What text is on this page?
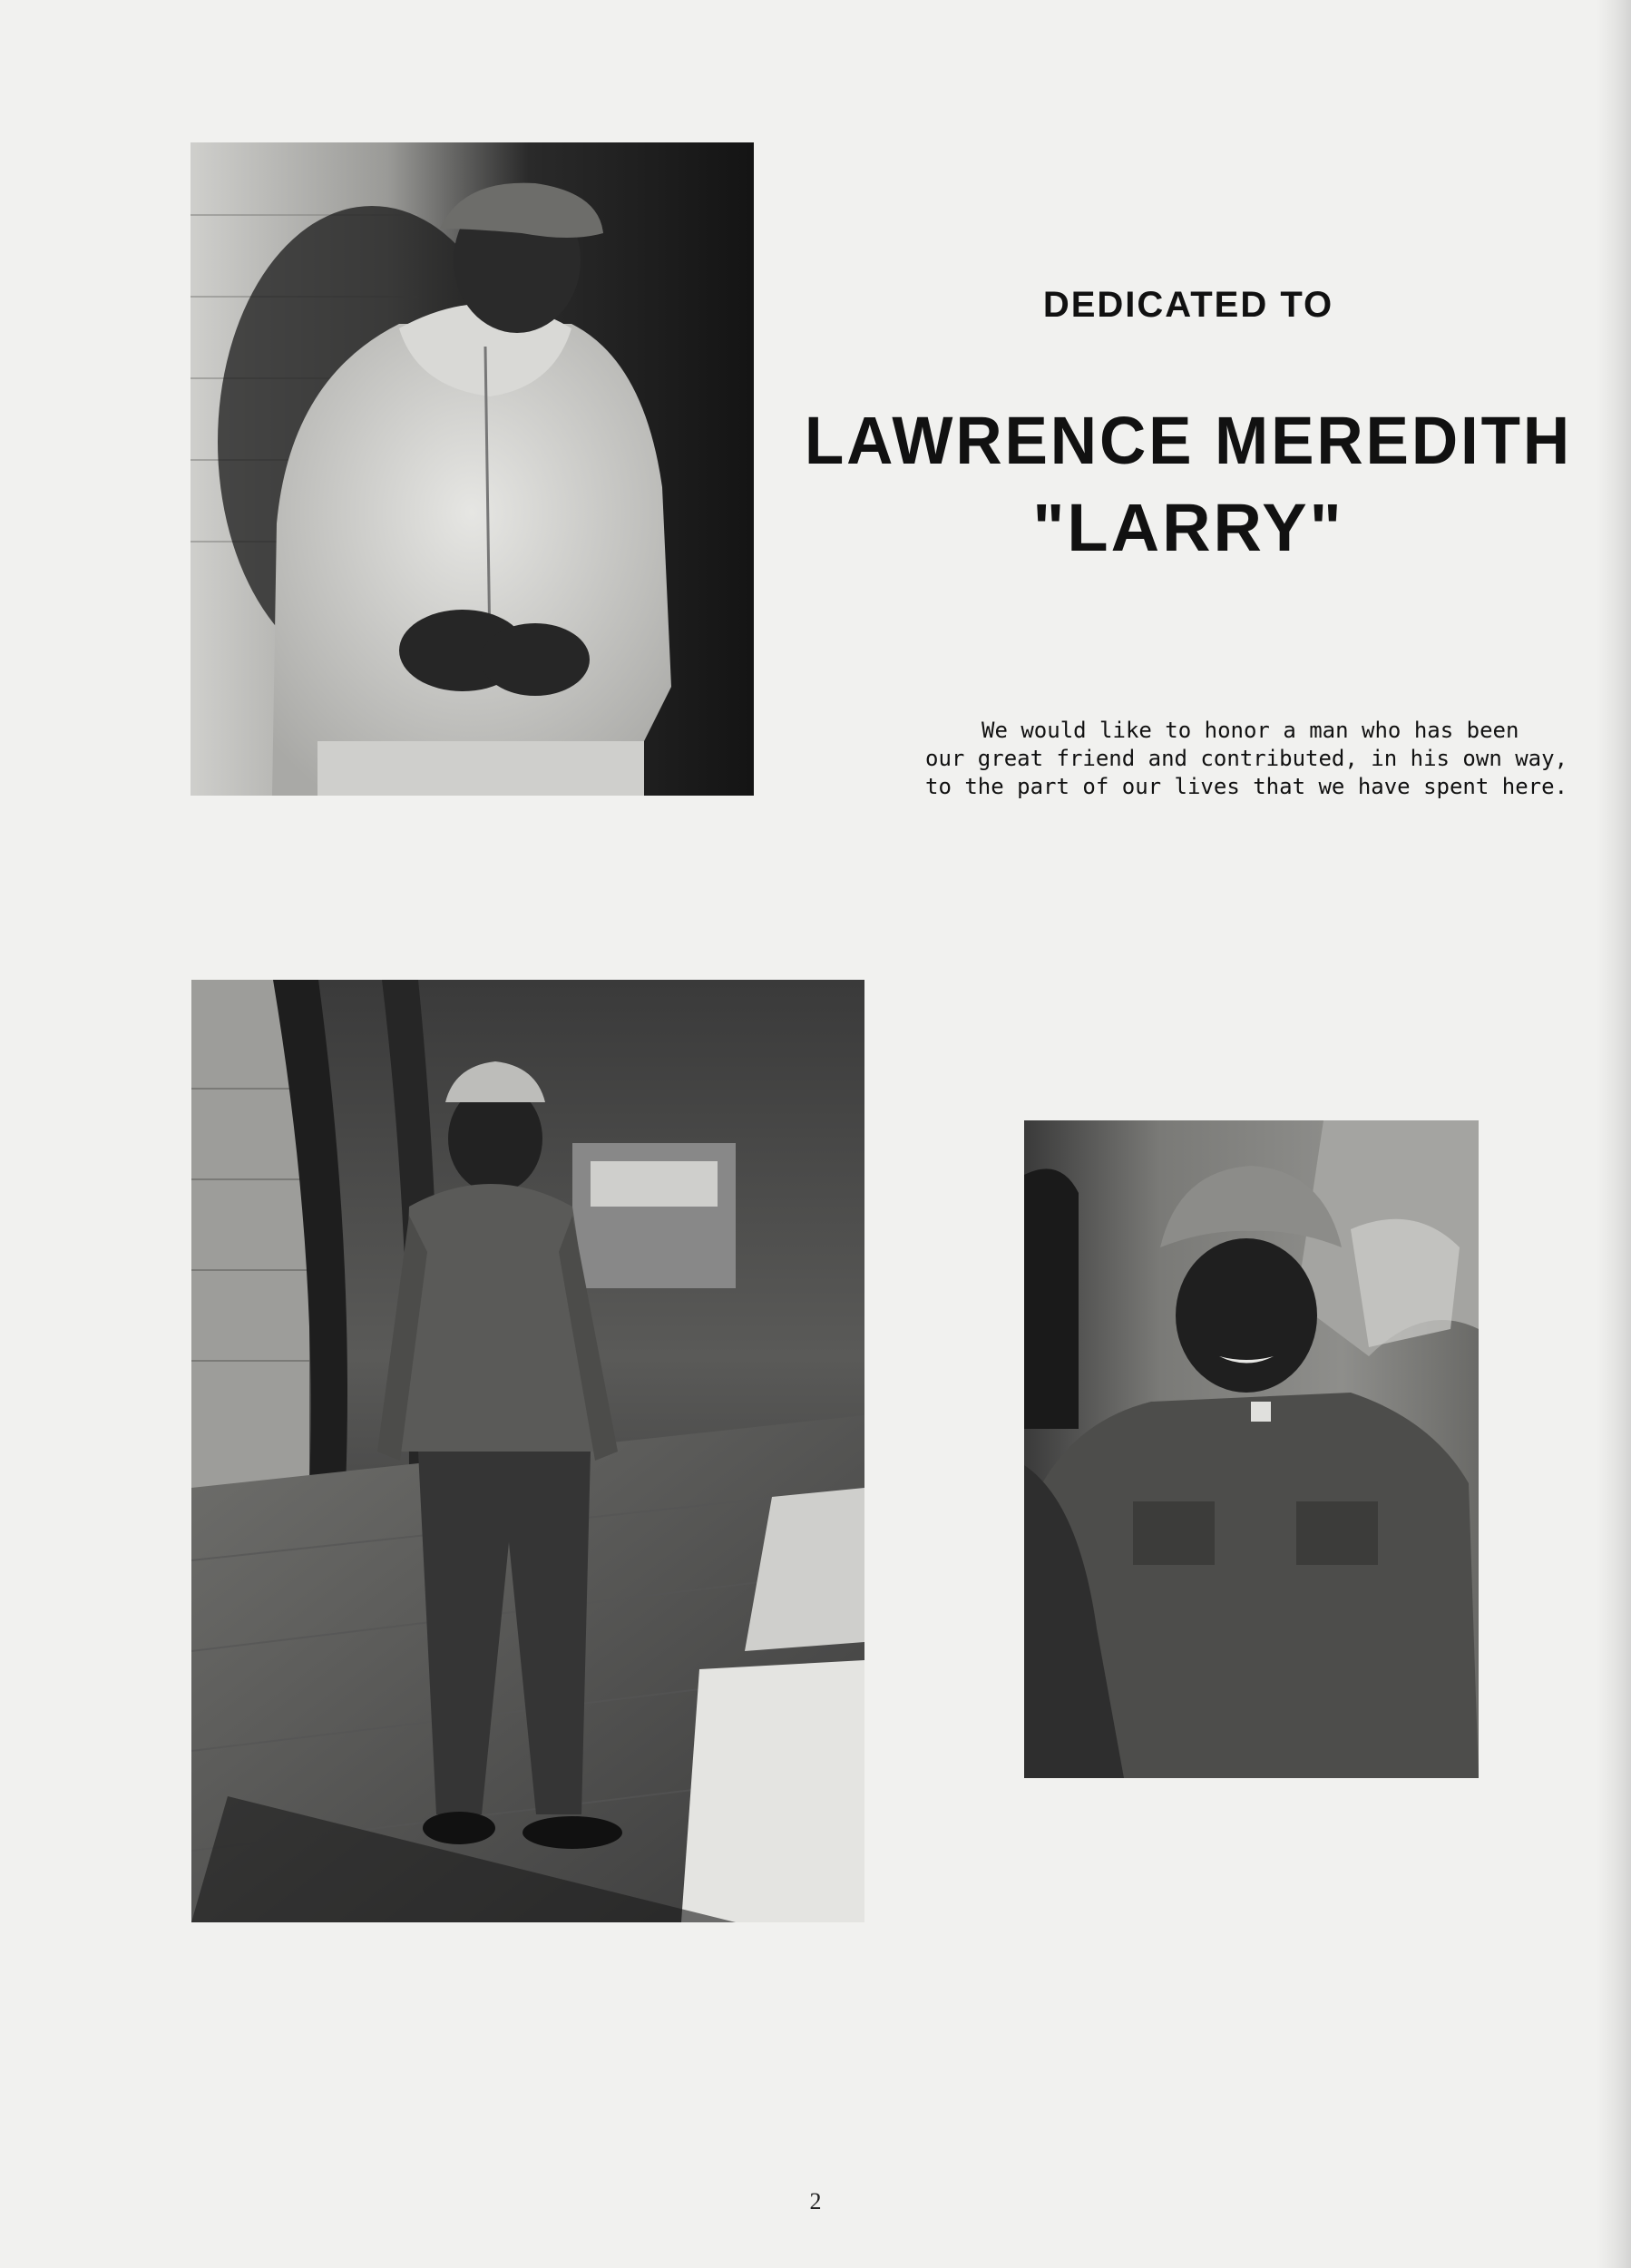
DEDICATED TO
LAWRENCE MEREDITH
"LARRY"
We would like to honor a man who has been
our great friend and contributed, in his own way,
to the part of our lives that we have spent here.
2
